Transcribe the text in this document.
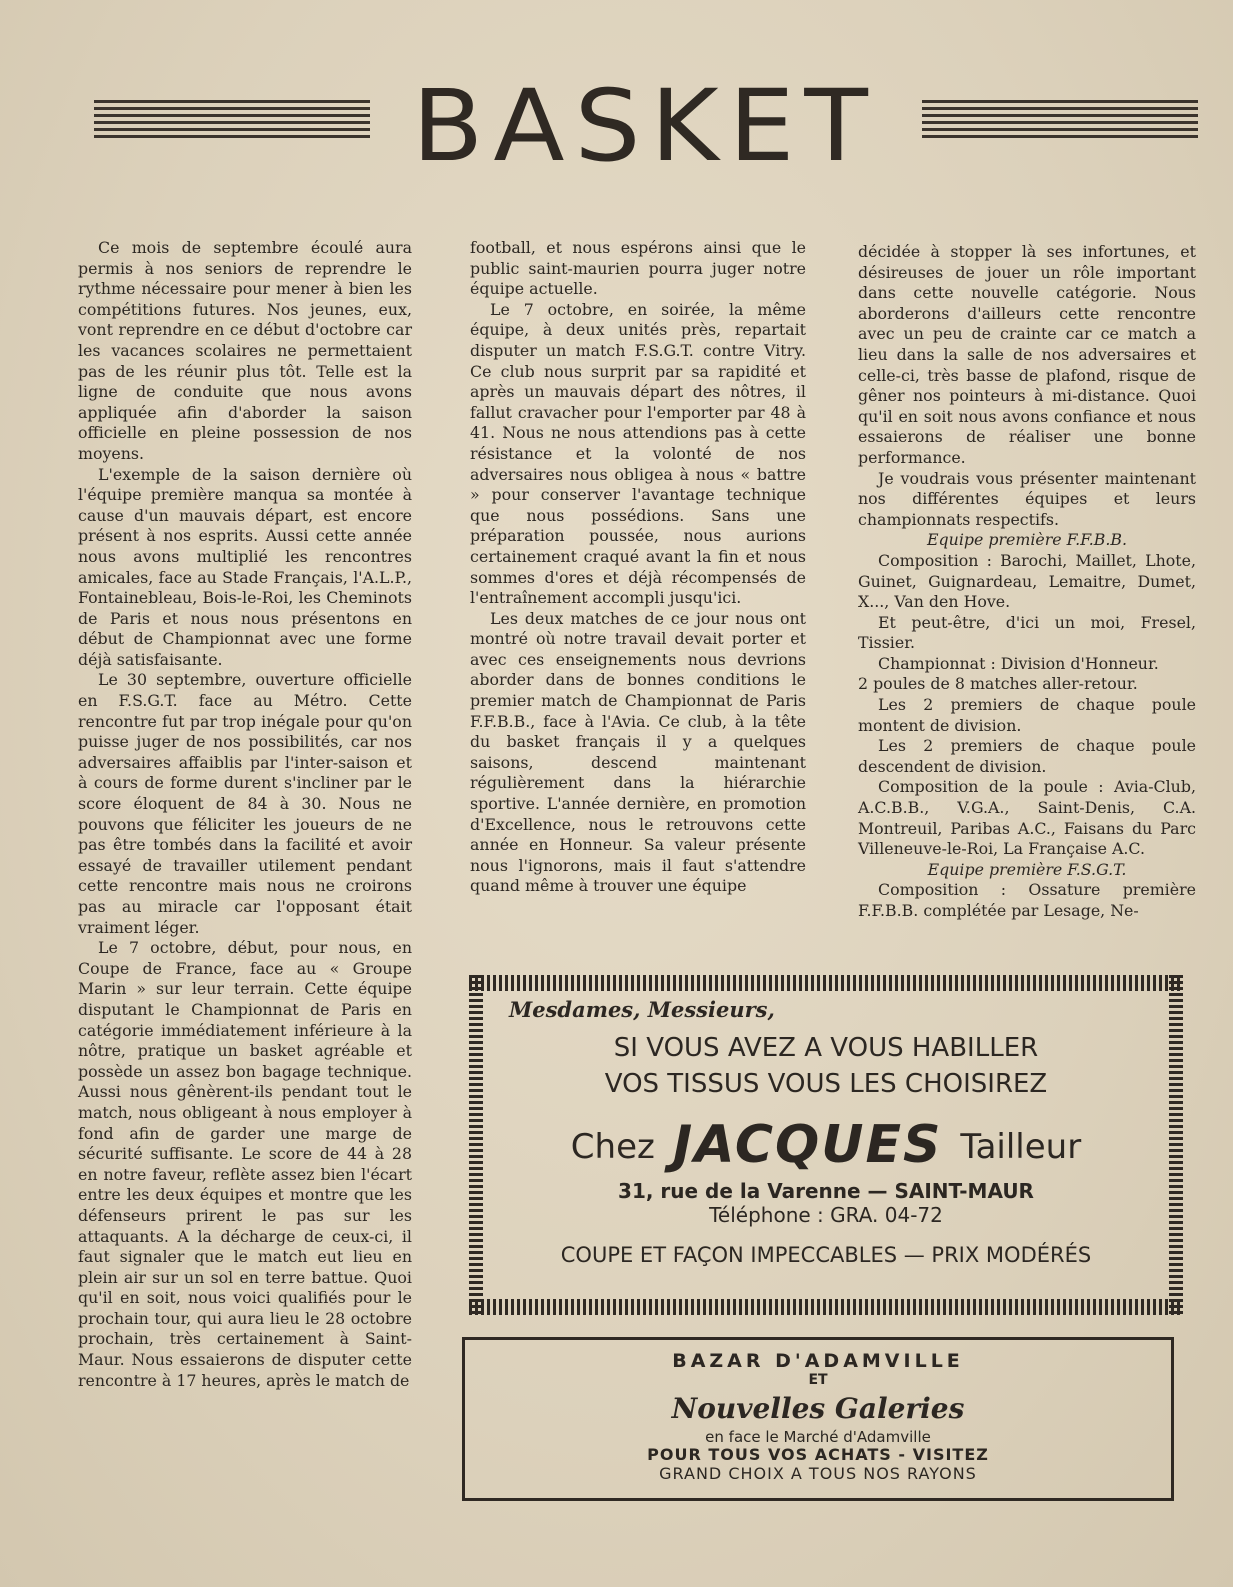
BASKET

Ce mois de septembre écoulé aura permis à nos seniors de reprendre le rythme nécessaire pour mener à bien les compétitions futures. Nos jeunes, eux, vont reprendre en ce début d'octobre car les vacances scolaires ne permettaient pas de les réunir plus tôt. Telle est la ligne de conduite que nous avons appliquée afin d'aborder la saison officielle en pleine possession de nos moyens.

L'exemple de la saison dernière où l'équipe première manqua sa montée à cause d'un mauvais départ, est encore présent à nos esprits. Aussi cette année nous avons multiplié les rencontres amicales, face au Stade Français, l'A.L.P., Fontainebleau, Bois-le-Roi, les Cheminots de Paris et nous nous présentons en début de Championnat avec une forme déjà satisfaisante.

Le 30 septembre, ouverture officielle en F.S.G.T. face au Métro. Cette rencontre fut par trop inégale pour qu'on puisse juger de nos possibilités, car nos adversaires affaiblis par l'inter-saison et à cours de forme durent s'incliner par le score éloquent de 84 à 30. Nous ne pouvons que féliciter les joueurs de ne pas être tombés dans la facilité et avoir essayé de travailler utilement pendant cette rencontre mais nous ne croirons pas au miracle car l'opposant était vraiment léger.

Le 7 octobre, début, pour nous, en Coupe de France, face au « Groupe Marin » sur leur terrain. Cette équipe disputant le Championnat de Paris en catégorie immédiatement inférieure à la nôtre, pratique un basket agréable et possède un assez bon bagage technique. Aussi nous gênèrent-ils pendant tout le match, nous obligeant à nous employer à fond afin de garder une marge de sécurité suffisante. Le score de 44 à 28 en notre faveur, reflète assez bien l'écart entre les deux équipes et montre que les défenseurs prirent le pas sur les attaquants. A la décharge de ceux-ci, il faut signaler que le match eut lieu en plein air sur un sol en terre battue. Quoi qu'il en soit, nous voici qualifiés pour le prochain tour, qui aura lieu le 28 octobre prochain, très certainement à Saint-Maur. Nous essaierons de disputer cette rencontre à 17 heures, après le match de

football, et nous espérons ainsi que le public saint-maurien pourra juger notre équipe actuelle.

Le 7 octobre, en soirée, la même équipe, à deux unités près, repartait disputer un match F.S.G.T. contre Vitry. Ce club nous surprit par sa rapidité et après un mauvais départ des nôtres, il fallut cravacher pour l'emporter par 48 à 41. Nous ne nous attendions pas à cette résistance et la volonté de nos adversaires nous obligea à nous « battre » pour conserver l'avantage technique que nous possédions. Sans une préparation poussée, nous aurions certainement craqué avant la fin et nous sommes d'ores et déjà récompensés de l'entraînement accompli jusqu'ici.

Les deux matches de ce jour nous ont montré où notre travail devait porter et avec ces enseignements nous devrions aborder dans de bonnes conditions le premier match de Championnat de Paris F.F.B.B., face à l'Avia. Ce club, à la tête du basket français il y a quelques saisons, descend maintenant régulièrement dans la hiérarchie sportive. L'année dernière, en promotion d'Excellence, nous le retrouvons cette année en Honneur. Sa valeur présente nous l'ignorons, mais il faut s'attendre quand même à trouver une équipe

décidée à stopper là ses infortunes, et désireuses de jouer un rôle important dans cette nouvelle catégorie. Nous aborderons d'ailleurs cette rencontre avec un peu de crainte car ce match a lieu dans la salle de nos adversaires et celle-ci, très basse de plafond, risque de gêner nos pointeurs à mi-distance. Quoi qu'il en soit nous avons confiance et nous essaierons de réaliser une bonne performance.

Je voudrais vous présenter maintenant nos différentes équipes et leurs championnats respectifs.

Equipe première F.F.B.B.

Composition : Barochi, Maillet, Lhote, Guinet, Guignardeau, Lemaitre, Dumet, X..., Van den Hove.

Et peut-être, d'ici un moi, Fresel, Tissier.

Championnat : Division d'Honneur.

2 poules de 8 matches aller-retour.

Les 2 premiers de chaque poule montent de division.

Les 2 premiers de chaque poule descendent de division.

Composition de la poule : Avia-Club, A.C.B.B., V.G.A., Saint-Denis, C.A. Montreuil, Paribas A.C., Faisans du Parc Villeneuve-le-Roi, La Française A.C.

Equipe première F.S.G.T.

Composition : Ossature première F.F.B.B. complétée par Lesage, Ne-

Mesdames, Messieurs,
SI VOUS AVEZ A VOUS HABILLER
VOS TISSUS VOUS LES CHOISIREZ
Chez JACQUES Tailleur
31, rue de la Varenne — SAINT-MAUR
Téléphone : GRA. 04-72
COUPE ET FAÇON IMPECCABLES — PRIX MODÉRÉS
BAZAR D'ADAMVILLE
ET
Nouvelles Galeries
en face le Marché d'Adamville
POUR TOUS VOS ACHATS - VISITEZ
GRAND CHOIX A TOUS NOS RAYONS
